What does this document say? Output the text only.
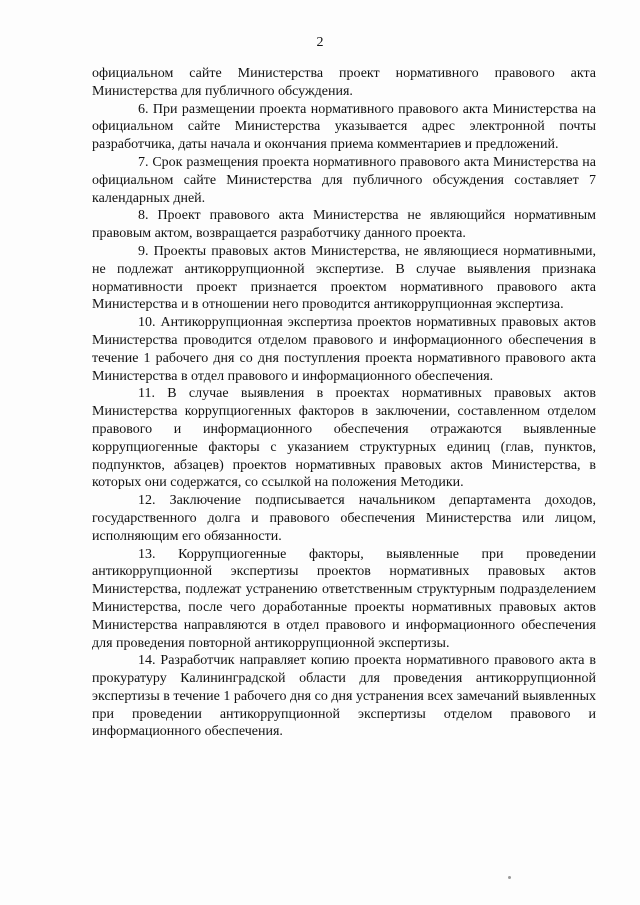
2

официальном сайте Министерства проект нормативного правового акта Министерства для публичного обсуждения.

6. При размещении проекта нормативного правового акта Министерства на официальном сайте Министерства указывается адрес электронной почты разработчика, даты начала и окончания приема комментариев и предложений.

7. Срок размещения проекта нормативного правового акта Министерства на официальном сайте Министерства для публичного обсуждения составляет 7 календарных дней.

8. Проект правового акта Министерства не являющийся нормативным правовым актом, возвращается разработчику данного проекта.

9. Проекты правовых актов Министерства, не являющиеся нормативными, не подлежат антикоррупционной экспертизе. В случае выявления признака нормативности проект признается проектом нормативного правового акта Министерства и в отношении него проводится антикоррупционная экспертиза.

10. Антикоррупционная экспертиза проектов нормативных правовых актов Министерства проводится отделом правового и информационного обеспечения в течение 1 рабочего дня со дня поступления проекта нормативного правового акта Министерства в отдел правового и информационного обеспечения.

11. В случае выявления в проектах нормативных правовых актов Министерства коррупциогенных факторов в заключении, составленном отделом правового и информационного обеспечения отражаются выявленные коррупциогенные факторы с указанием структурных единиц (глав, пунктов, подпунктов, абзацев) проектов нормативных правовых актов Министерства, в которых они содержатся, со ссылкой на положения Методики.

12. Заключение подписывается начальником департамента доходов, государственного долга и правового обеспечения Министерства или лицом, исполняющим его обязанности.

13. Коррупциогенные факторы, выявленные при проведении антикоррупционной экспертизы проектов нормативных правовых актов Министерства, подлежат устранению ответственным структурным подразделением Министерства, после чего доработанные проекты нормативных правовых актов Министерства направляются в отдел правового и информационного обеспечения для проведения повторной антикоррупционной экспертизы.

14. Разработчик направляет копию проекта нормативного правового акта в прокуратуру Калининградской области для проведения антикоррупционной экспертизы в течение 1 рабочего дня со дня устранения всех замечаний выявленных при проведении антикоррупционной экспертизы отделом правового и информационного обеспечения.
